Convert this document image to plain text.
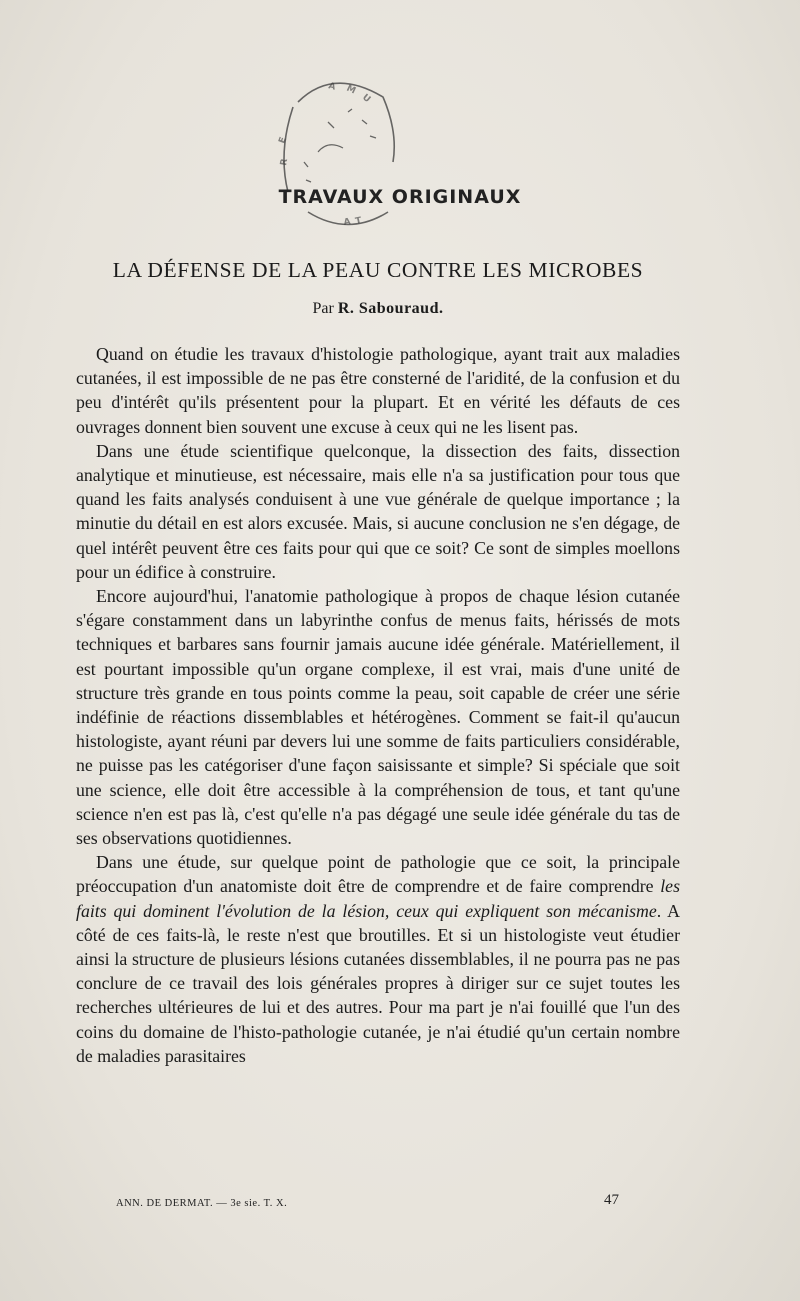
A M
U
E
R
A T
TRAVAUX ORIGINAUX
LA DÉFENSE DE LA PEAU CONTRE LES MICROBES
Par R. Sabouraud.

Quand on étudie les travaux d'histologie pathologique, ayant trait aux maladies cutanées, il est impossible de ne pas être consterné de l'aridité, de la confusion et du peu d'intérêt qu'ils présentent pour la plupart. Et en vérité les défauts de ces ouvrages donnent bien souvent une excuse à ceux qui ne les lisent pas.

Dans une étude scientifique quelconque, la dissection des faits, dissection analytique et minutieuse, est nécessaire, mais elle n'a sa justification pour tous que quand les faits analysés conduisent à une vue générale de quelque importance ; la minutie du détail en est alors excusée. Mais, si aucune conclusion ne s'en dégage, de quel intérêt peuvent être ces faits pour qui que ce soit? Ce sont de simples moellons pour un édifice à construire.

Encore aujourd'hui, l'anatomie pathologique à propos de chaque lésion cutanée s'égare constamment dans un labyrinthe confus de menus faits, hérissés de mots techniques et barbares sans fournir jamais aucune idée générale. Matériellement, il est pourtant impossible qu'un organe complexe, il est vrai, mais d'une unité de structure très grande en tous points comme la peau, soit capable de créer une série indéfinie de réactions dissemblables et hétérogènes. Comment se fait-il qu'aucun histologiste, ayant réuni par devers lui une somme de faits particuliers considérable, ne puisse pas les catégoriser d'une façon saisissante et simple? Si spéciale que soit une science, elle doit être accessible à la compréhension de tous, et tant qu'une science n'en est pas là, c'est qu'elle n'a pas dégagé une seule idée générale du tas de ses observations quotidiennes.

Dans une étude, sur quelque point de pathologie que ce soit, la principale préoccupation d'un anatomiste doit être de comprendre et de faire comprendre les faits qui dominent l'évolution de la lésion, ceux qui expliquent son mécanisme. A côté de ces faits-là, le reste n'est que broutilles. Et si un histologiste veut étudier ainsi la structure de plusieurs lésions cutanées dissemblables, il ne pourra pas ne pas conclure de ce travail des lois générales propres à diriger sur ce sujet toutes les recherches ultérieures de lui et des autres. Pour ma part je n'ai fouillé que l'un des coins du domaine de l'histo-pathologie cutanée, je n'ai étudié qu'un certain nombre de maladies parasitaires

ANN. DE DERMAT. — 3e sie. T. X.	47
